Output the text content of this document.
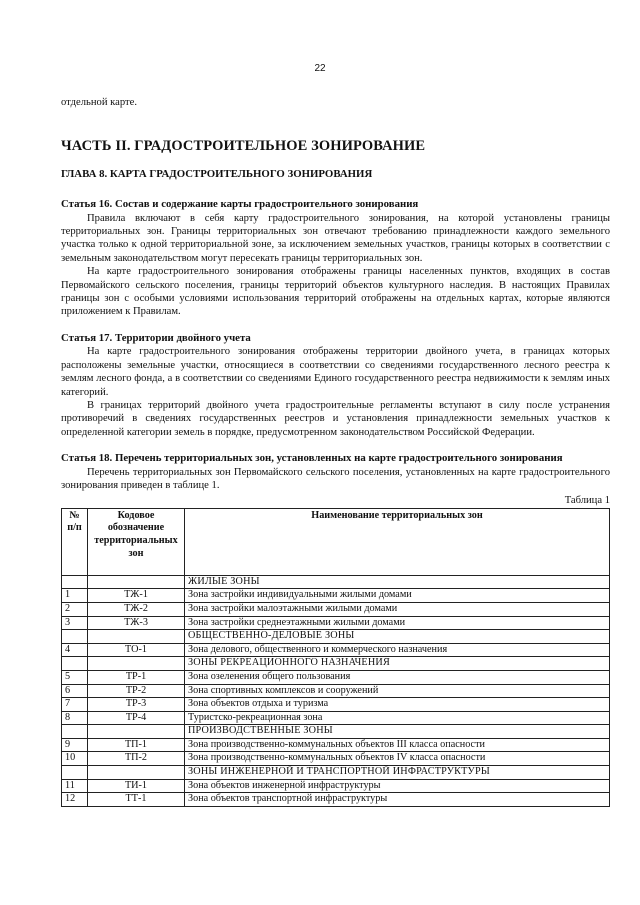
22

отдельной карте.

ЧАСТЬ II. ГРАДОСТРОИТЕЛЬНОЕ ЗОНИРОВАНИЕ

ГЛАВА 8. КАРТА ГРАДОСТРОИТЕЛЬНОГО ЗОНИРОВАНИЯ

Статья 16. Состав и содержание карты градостроительного зонирования

Правила включают в себя карту градостроительного зонирования, на которой установлены границы территориальных зон. Границы территориальных зон отвечают требованию принадлежности каждого земельного участка только к одной территориальной зоне, за исключением земельных участков, границы которых в соответствии с земельным законодательством могут пересекать границы территориальных зон.

На карте градостроительного зонирования отображены границы населенных пунктов, входящих в состав Первомайского сельского поселения, границы территорий объектов культурного наследия. В настоящих Правилах границы зон с особыми условиями использования территорий отображены на отдельных картах, которые являются приложением к Правилам.

Статья 17. Территории двойного учета

На карте градостроительного зонирования отображены территории двойного учета, в границах которых расположены земельные участки, относящиеся в соответствии со сведениями государственного лесного реестра к землям лесного фонда, а в соответствии со сведениями Единого государственного реестра недвижимости к землям иных категорий.

В границах территорий двойного учета градостроительные регламенты вступают в силу после устранения противоречий в сведениях государственных реестров и установления принадлежности земельных участков к определенной категории земель в порядке, предусмотренном законодательством Российской Федерации.

Статья 18. Перечень территориальных зон, установленных на карте градостроительного зонирования

Перечень территориальных зон Первомайского сельского поселения, установленных на карте градостроительного зонирования приведен в таблице 1.

Таблица 1

№ п/п	Кодовое обозначение территориальных зон	Наименование территориальных зон
		ЖИЛЫЕ ЗОНЫ
1	ТЖ-1	Зона застройки индивидуальными жилыми домами
2	ТЖ-2	Зона застройки малоэтажными жилыми домами
3	ТЖ-3	Зона застройки среднеэтажными жилыми домами
		ОБЩЕСТВЕННО-ДЕЛОВЫЕ ЗОНЫ
4	ТО-1	Зона делового, общественного и коммерческого назначения
		ЗОНЫ РЕКРЕАЦИОННОГО НАЗНАЧЕНИЯ
5	ТР-1	Зона озеленения общего пользования
6	ТР-2	Зона спортивных комплексов и сооружений
7	ТР-3	Зона объектов отдыха и туризма
8	ТР-4	Туристско-рекреационная зона
		ПРОИЗВОДСТВЕННЫЕ ЗОНЫ
9	ТП-1	Зона производственно-коммунальных объектов III класса опасности
10	ТП-2	Зона производственно-коммунальных объектов IV класса опасности
		ЗОНЫ ИНЖЕНЕРНОЙ И ТРАНСПОРТНОЙ ИНФРАСТРУКТУРЫ
11	ТИ-1	Зона объектов инженерной инфраструктуры
12	ТТ-1	Зона объектов транспортной инфраструктуры
